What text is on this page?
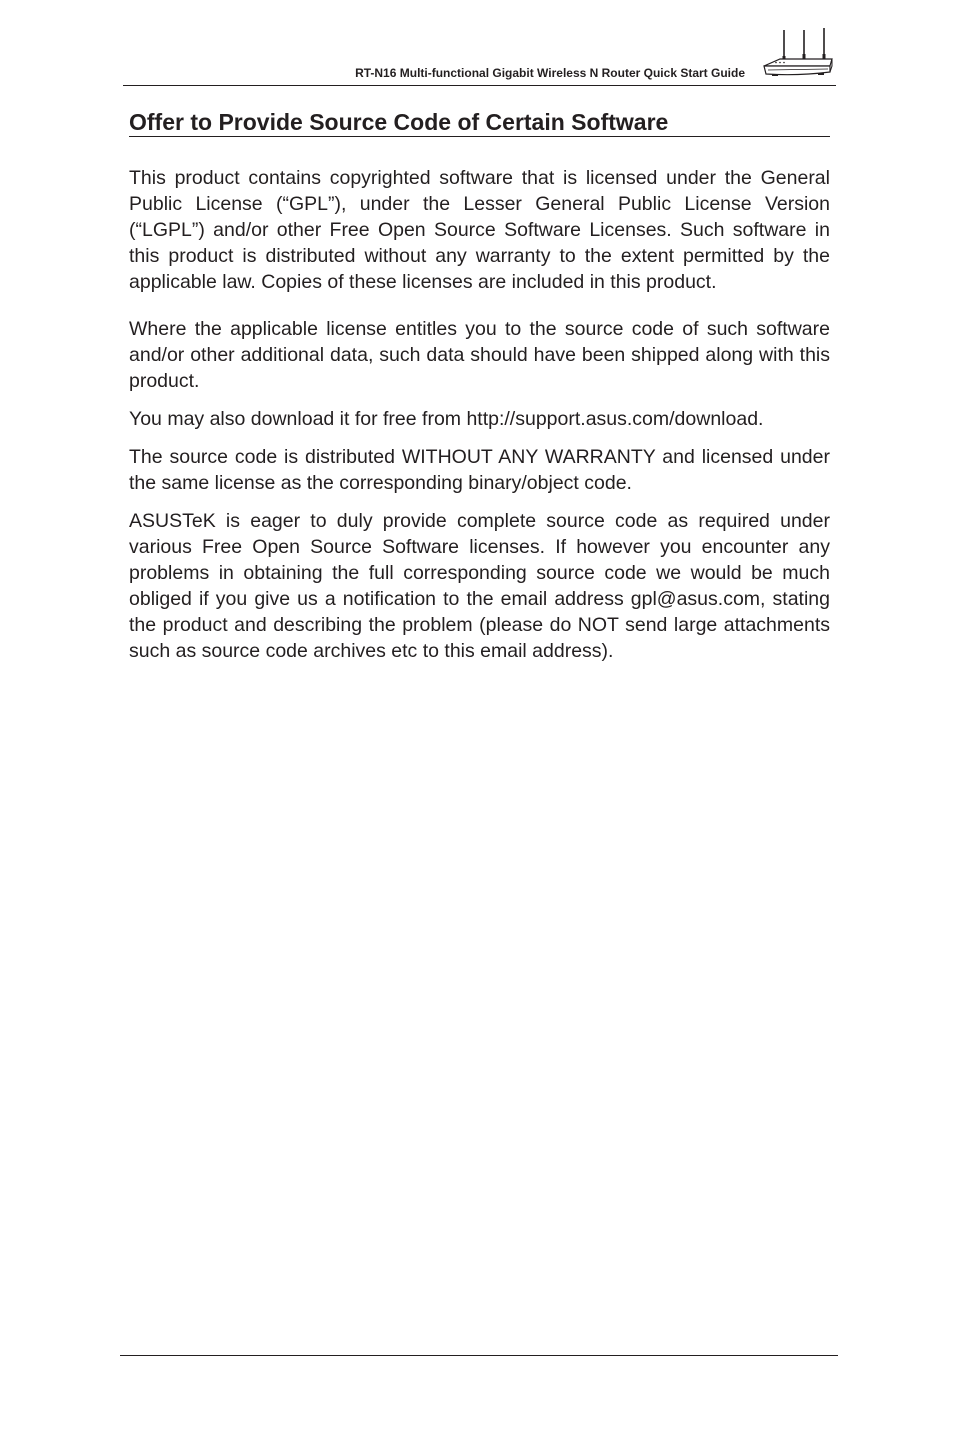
RT-N16 Multi-functional Gigabit Wireless N Router Quick Start Guide
Offer to Provide Source Code of Certain Software

This product contains copyrighted software that is licensed under the General Public License (“GPL”), under the Lesser General Public License Version (“LGPL”) and/or other Free Open Source Software Licenses. Such software in this product is distributed without any warranty to the extent permitted by the applicable law. Copies of these licenses are included in this product.

Where the applicable license entitles you to the source code of such software and/or other additional data, such data should have been shipped along with this product.

You may also download it for free from http://support.asus.com/download.

The source code is distributed WITHOUT ANY WARRANTY and licensed under the same license as the corresponding binary/object code.

ASUSTeK is eager to duly provide complete source code as required under various Free Open Source Software licenses. If however you encounter any problems in obtaining the full corresponding source code we would be much obliged if you give us a notification to the email address gpl@asus.com, stating the product and describing the problem (please do NOT send large attachments such as source code archives etc to this email address).
